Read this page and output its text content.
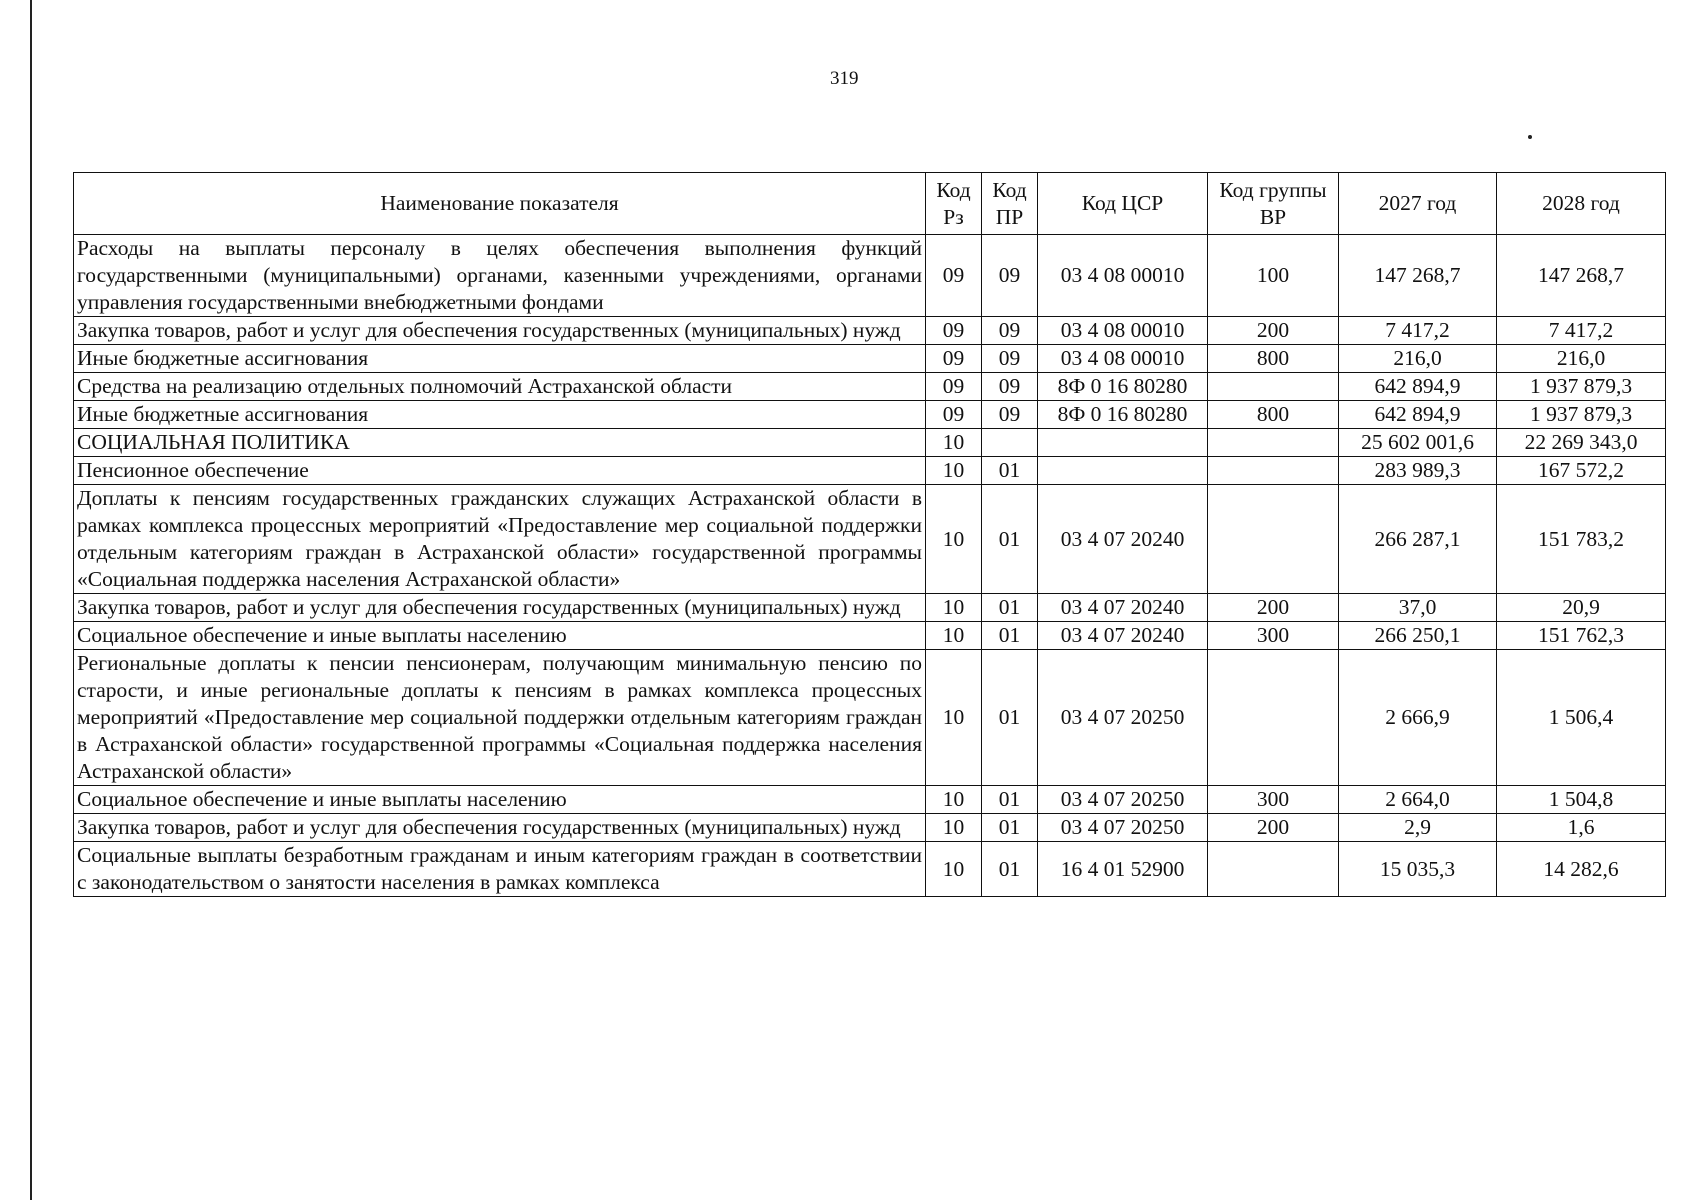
319
Наименование показателя	Код Рз	Код ПР	Код ЦСР	Код группы ВР	2027 год	2028 год
Расходы на выплаты персоналу в целях обеспечения выполнения функций государственными (муниципальными) органами, казенными учреждениями, органами управления государственными внебюджетными фондами	09	09	03 4 08 00010	100	147 268,7	147 268,7
Закупка товаров, работ и услуг для обеспечения государственных (муниципальных) нужд	09	09	03 4 08 00010	200	7 417,2	7 417,2
Иные бюджетные ассигнования	09	09	03 4 08 00010	800	216,0	216,0
Средства на реализацию отдельных полномочий Астраханской области	09	09	8Ф 0 16 80280		642 894,9	1 937 879,3
Иные бюджетные ассигнования	09	09	8Ф 0 16 80280	800	642 894,9	1 937 879,3
СОЦИАЛЬНАЯ ПОЛИТИКА	10				25 602 001,6	22 269 343,0
Пенсионное обеспечение	10	01			283 989,3	167 572,2
Доплаты к пенсиям государственных гражданских служащих Астраханской области в рамках комплекса процессных мероприятий «Предоставление мер социальной поддержки отдельным категориям граждан в Астраханской области» государственной программы «Социальная поддержка населения Астраханской области»	10	01	03 4 07 20240		266 287,1	151 783,2
Закупка товаров, работ и услуг для обеспечения государственных (муниципальных) нужд	10	01	03 4 07 20240	200	37,0	20,9
Социальное обеспечение и иные выплаты населению	10	01	03 4 07 20240	300	266 250,1	151 762,3
Региональные доплаты к пенсии пенсионерам, получающим минимальную пенсию по старости, и иные региональные доплаты к пенсиям в рамках комплекса процессных мероприятий «Предоставление мер социальной поддержки отдельным категориям граждан в Астраханской области» государственной программы «Социальная поддержка населения Астраханской области»	10	01	03 4 07 20250		2 666,9	1 506,4
Социальное обеспечение и иные выплаты населению	10	01	03 4 07 20250	300	2 664,0	1 504,8
Закупка товаров, работ и услуг для обеспечения государственных (муниципальных) нужд	10	01	03 4 07 20250	200	2,9	1,6
Социальные выплаты безработным гражданам и иным категориям граждан в соответствии с законодательством о занятости населения в рамках комплекса	10	01	16 4 01 52900		15 035,3	14 282,6
